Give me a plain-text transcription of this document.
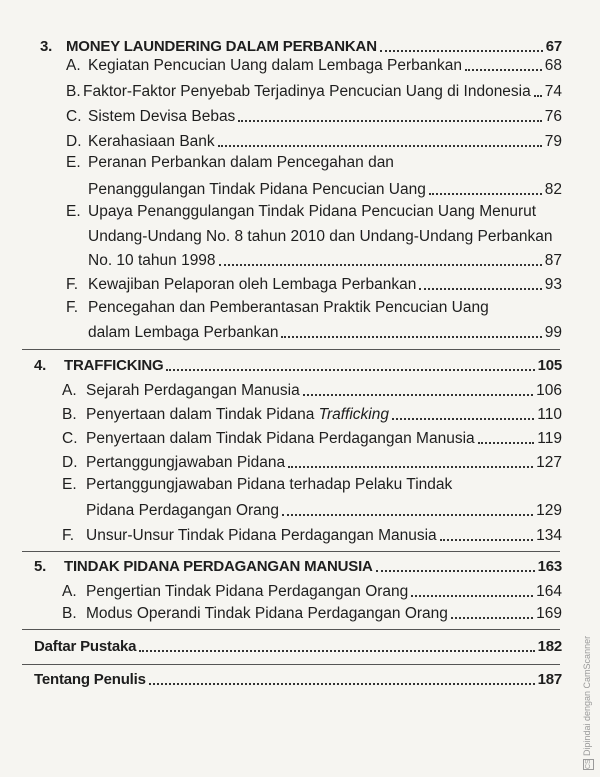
3. MONEY LAUNDERING DALAM PERBANKAN	67
A. Kegiatan Pencucian Uang dalam Lembaga Perbankan	68
B. Faktor-Faktor Penyebab Terjadinya Pencucian Uang di Indonesia 74
C. Sistem Devisa Bebas	76
D. Kerahasiaan Bank	79
E. Peranan Perbankan dalam Pencegahan dan
Penanggulangan Tindak Pidana Pencucian Uang	82
E. Upaya Penanggulangan Tindak Pidana Pencucian Uang Menurut
Undang-Undang No. 8 tahun 2010 dan Undang-Undang Perbankan
No. 10 tahun 1998	87
F. Kewajiban Pelaporan oleh Lembaga Perbankan	93
F. Pencegahan dan Pemberantasan Praktik Pencucian Uang
dalam Lembaga Perbankan	99
4.	TRAFFICKING	105
A. Sejarah Perdagangan Manusia	106
B. Penyertaan dalam Tindak Pidana Trafficking	110
C. Penyertaan dalam Tindak Pidana Perdagangan Manusia	119
D. Pertanggungjawaban Pidana	127
E. Pertanggungjawaban Pidana terhadap Pelaku Tindak
Pidana Perdagangan Orang	129
F. Unsur-Unsur Tindak Pidana Perdagangan Manusia	134
5.	TINDAK PIDANA PERDAGANGAN MANUSIA	163
A. Pengertian Tindak Pidana Perdagangan Orang	164
B. Modus Operandi Tindak Pidana Perdagangan Orang	169
Daftar Pustaka	182
Tentang Penulis	187
CSDipindai dengan CamScanner
